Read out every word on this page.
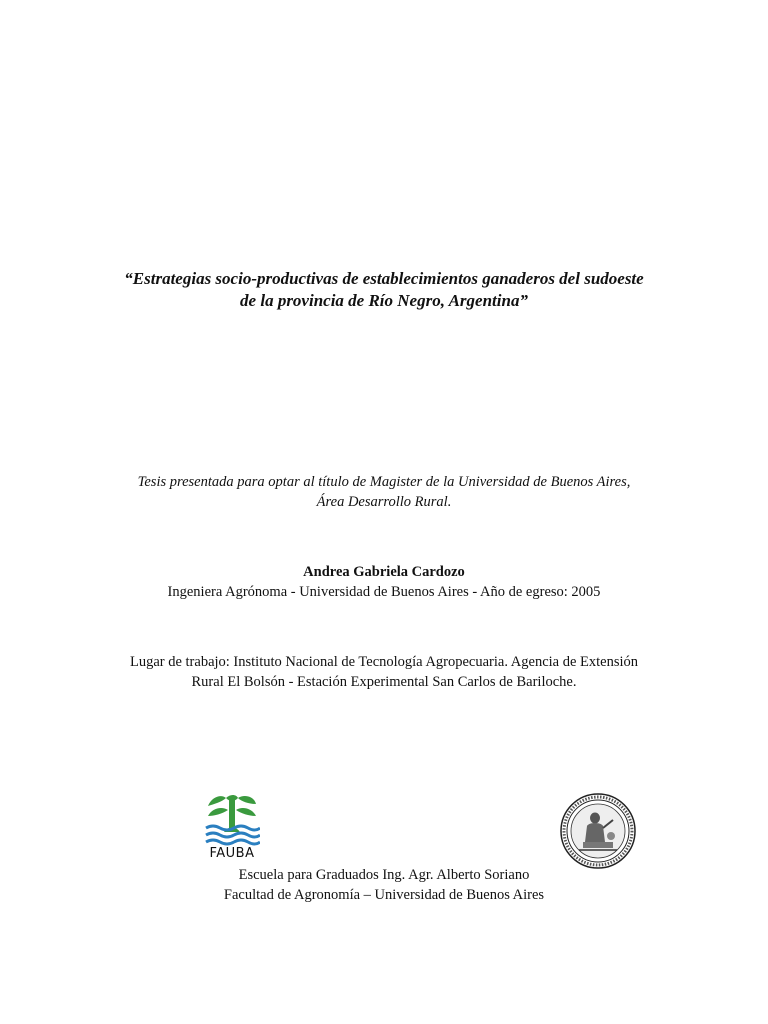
“Estrategias socio-productivas de establecimientos ganaderos del sudoeste
de la provincia de Río Negro, Argentina”
Tesis presentada para optar al título de Magister de la Universidad de Buenos Aires,
Área Desarrollo Rural.
Andrea Gabriela Cardozo
Ingeniera Agrónoma - Universidad de Buenos Aires - Año de egreso: 2005
Lugar de trabajo: Instituto Nacional de Tecnología Agropecuaria. Agencia de Extensión
Rural El Bolsón - Estación Experimental San Carlos de Bariloche.
FAUBA
Escuela para Graduados Ing. Agr. Alberto Soriano
Facultad de Agronomía – Universidad de Buenos Aires
